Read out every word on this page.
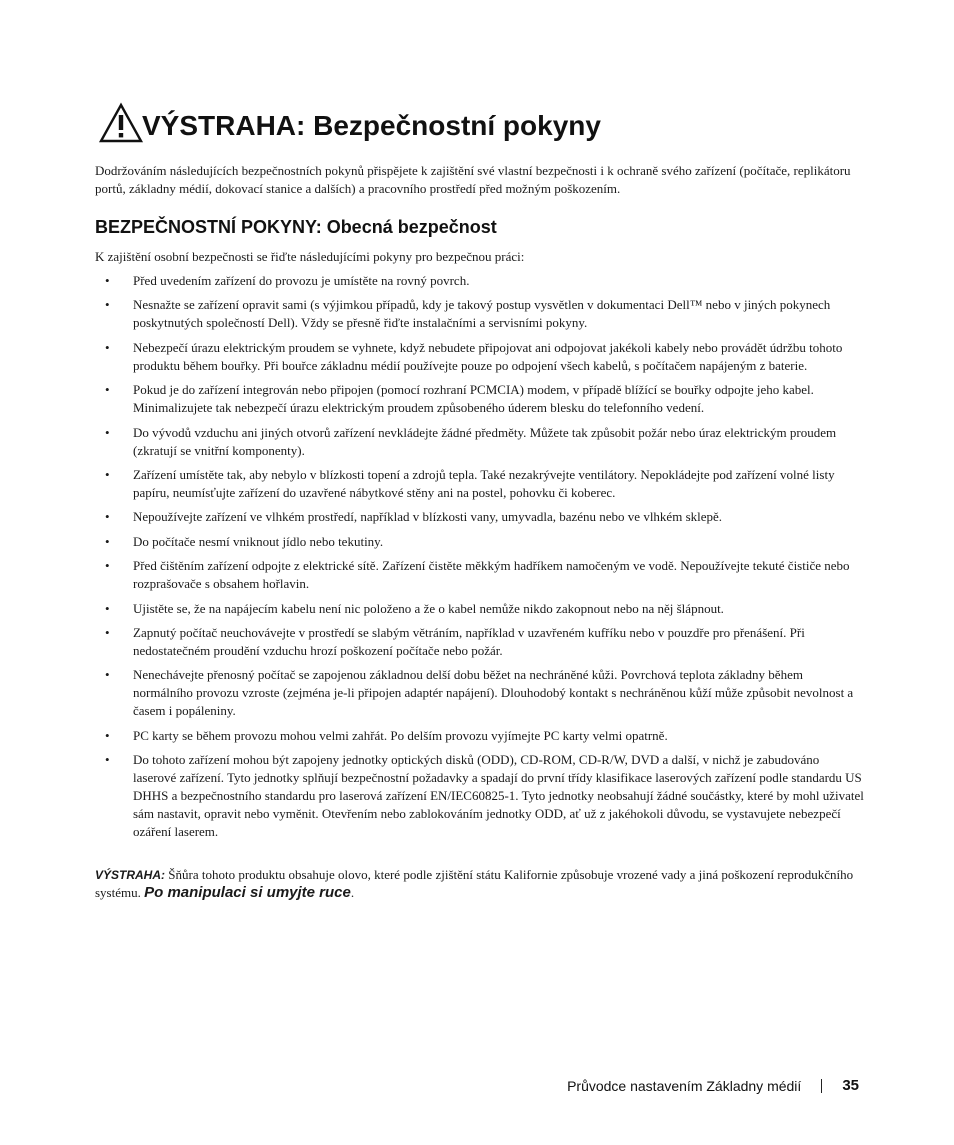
VÝSTRAHA: Bezpečnostní pokyny

Dodržováním následujících bezpečnostních pokynů přispějete k zajištění své vlastní bezpečnosti i k ochraně svého zařízení (počítače, replikátoru portů, základny médií, dokovací stanice a dalších) a pracovního prostředí před možným poškozením.

BEZPEČNOSTNÍ POKYNY: Obecná bezpečnost

K zajištění osobní bezpečnosti se řiďte následujícími pokyny pro bezpečnou práci:

• Před uvedením zařízení do provozu je umístěte na rovný povrch.
• Nesnažte se zařízení opravit sami (s výjimkou případů, kdy je takový postup vysvětlen v dokumentaci Dell™ nebo v jiných pokynech poskytnutých společností Dell). Vždy se přesně řiďte instalačními a servisními pokyny.
• Nebezpečí úrazu elektrickým proudem se vyhnete, když nebudete připojovat ani odpojovat jakékoli kabely nebo provádět údržbu tohoto produktu během bouřky. Při bouřce základnu médií používejte pouze po odpojení všech kabelů, s počítačem napájeným z baterie.
• Pokud je do zařízení integrován nebo připojen (pomocí rozhraní PCMCIA) modem, v případě blížící se bouřky odpojte jeho kabel. Minimalizujete tak nebezpečí úrazu elektrickým proudem způsobeného úderem blesku do telefonního vedení.
• Do vývodů vzduchu ani jiných otvorů zařízení nevkládejte žádné předměty. Můžete tak způsobit požár nebo úraz elektrickým proudem (zkratují se vnitřní komponenty).
• Zařízení umístěte tak, aby nebylo v blízkosti topení a zdrojů tepla. Také nezakrývejte ventilátory. Nepokládejte pod zařízení volné listy papíru, neumísťujte zařízení do uzavřené nábytkové stěny ani na postel, pohovku či koberec.
• Nepoužívejte zařízení ve vlhkém prostředí, například v blízkosti vany, umyvadla, bazénu nebo ve vlhkém sklepě.
• Do počítače nesmí vniknout jídlo nebo tekutiny.
• Před čištěním zařízení odpojte z elektrické sítě. Zařízení čistěte měkkým hadříkem namočeným ve vodě. Nepoužívejte tekuté čističe nebo rozprašovače s obsahem hořlavin.
• Ujistěte se, že na napájecím kabelu není nic položeno a že o kabel nemůže nikdo zakopnout nebo na něj šlápnout.
• Zapnutý počítač neuchovávejte v prostředí se slabým větráním, například v uzavřeném kufříku nebo v pouzdře pro přenášení. Při nedostatečném proudění vzduchu hrozí poškození počítače nebo požár.
• Nenechávejte přenosný počítač se zapojenou základnou delší dobu běžet na nechráněné kůži. Povrchová teplota základny během normálního provozu vzroste (zejména je-li připojen adaptér napájení). Dlouhodobý kontakt s nechráněnou kůží může způsobit nevolnost a časem i popáleniny.
• PC karty se během provozu mohou velmi zahřát. Po delším provozu vyjímejte PC karty velmi opatrně.
• Do tohoto zařízení mohou být zapojeny jednotky optických disků (ODD), CD-ROM, CD-R/W, DVD a další, v nichž je zabudováno laserové zařízení. Tyto jednotky splňují bezpečnostní požadavky a spadají do první třídy klasifikace laserových zařízení podle standardu US DHHS a bezpečnostního standardu pro laserová zařízení EN/IEC60825-1. Tyto jednotky neobsahují žádné součástky, které by mohl uživatel sám nastavit, opravit nebo vyměnit. Otevřením nebo zablokováním jednotky ODD, ať už z jakéhokoli důvodu, se vystavujete nebezpečí ozáření laserem.

VÝSTRAHA: Šňůra tohoto produktu obsahuje olovo, které podle zjištění státu Kalifornie způsobuje vrozené vady a jiná poškození reprodukčního systému. Po manipulaci si umyjte ruce.

Průvodce nastavením Základny médií	35
